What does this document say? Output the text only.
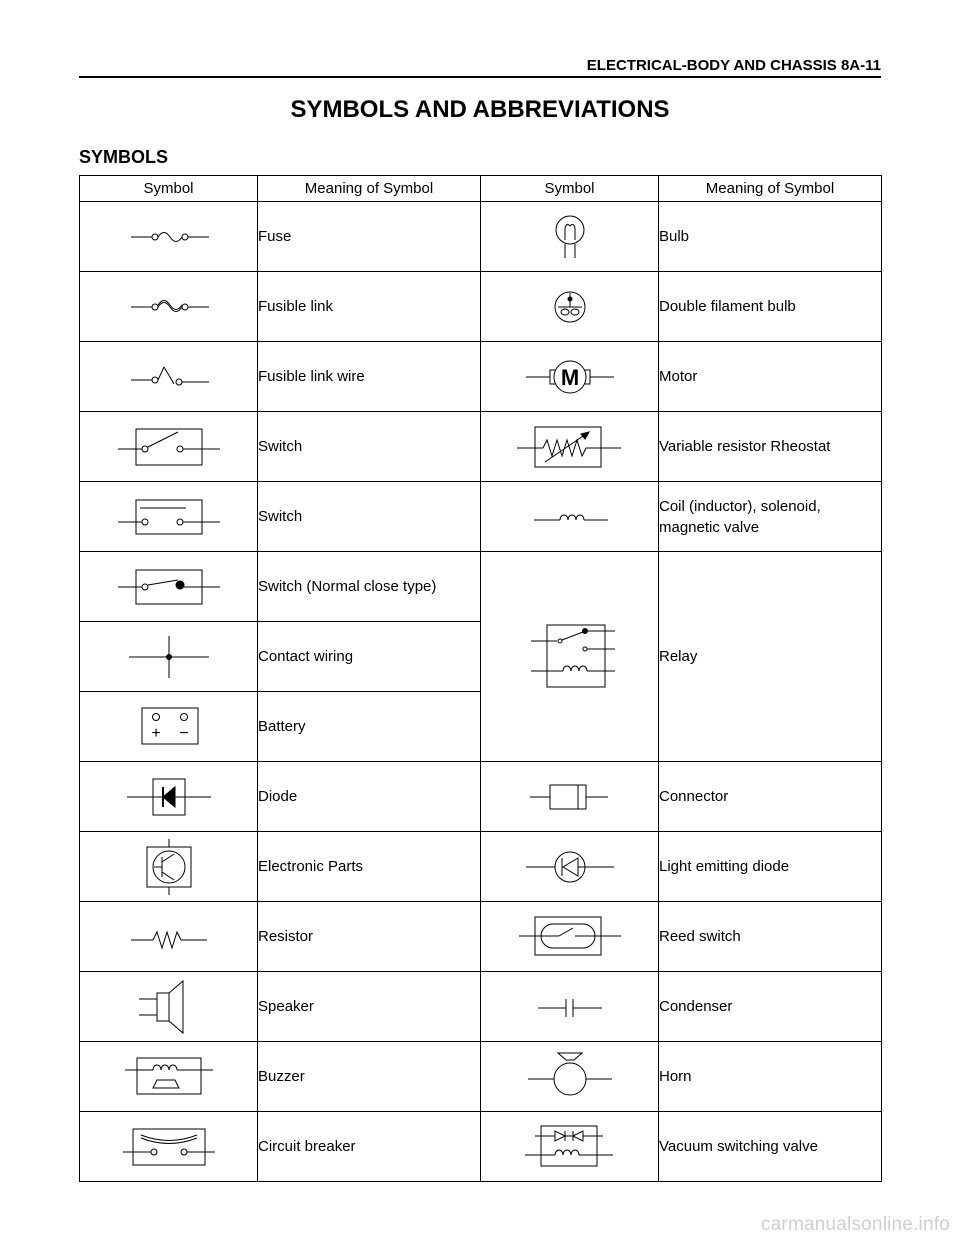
ELECTRICAL-BODY AND CHASSIS 8A-11
SYMBOLS AND ABBREVIATIONS
SYMBOLS
Symbol	Meaning of Symbol	Symbol	Meaning of Symbol

	Fuse		Bulb

	Fusible link		Double filament bulb

	Fusible link wire	M	Motor

	Switch		Variable resistor Rheostat

	Switch		Coil (inductor), solenoid,
magnetic valve

	Switch (Normal close type)		Relay

	Contact wiring		

+ −	Battery		

	Diode		Connector

	Electronic Parts		Light emitting diode

	Resistor		Reed switch

	Speaker		Condenser

	Buzzer		Horn

	Circuit breaker		Vacuum switching valve
carmanualsonline.info
